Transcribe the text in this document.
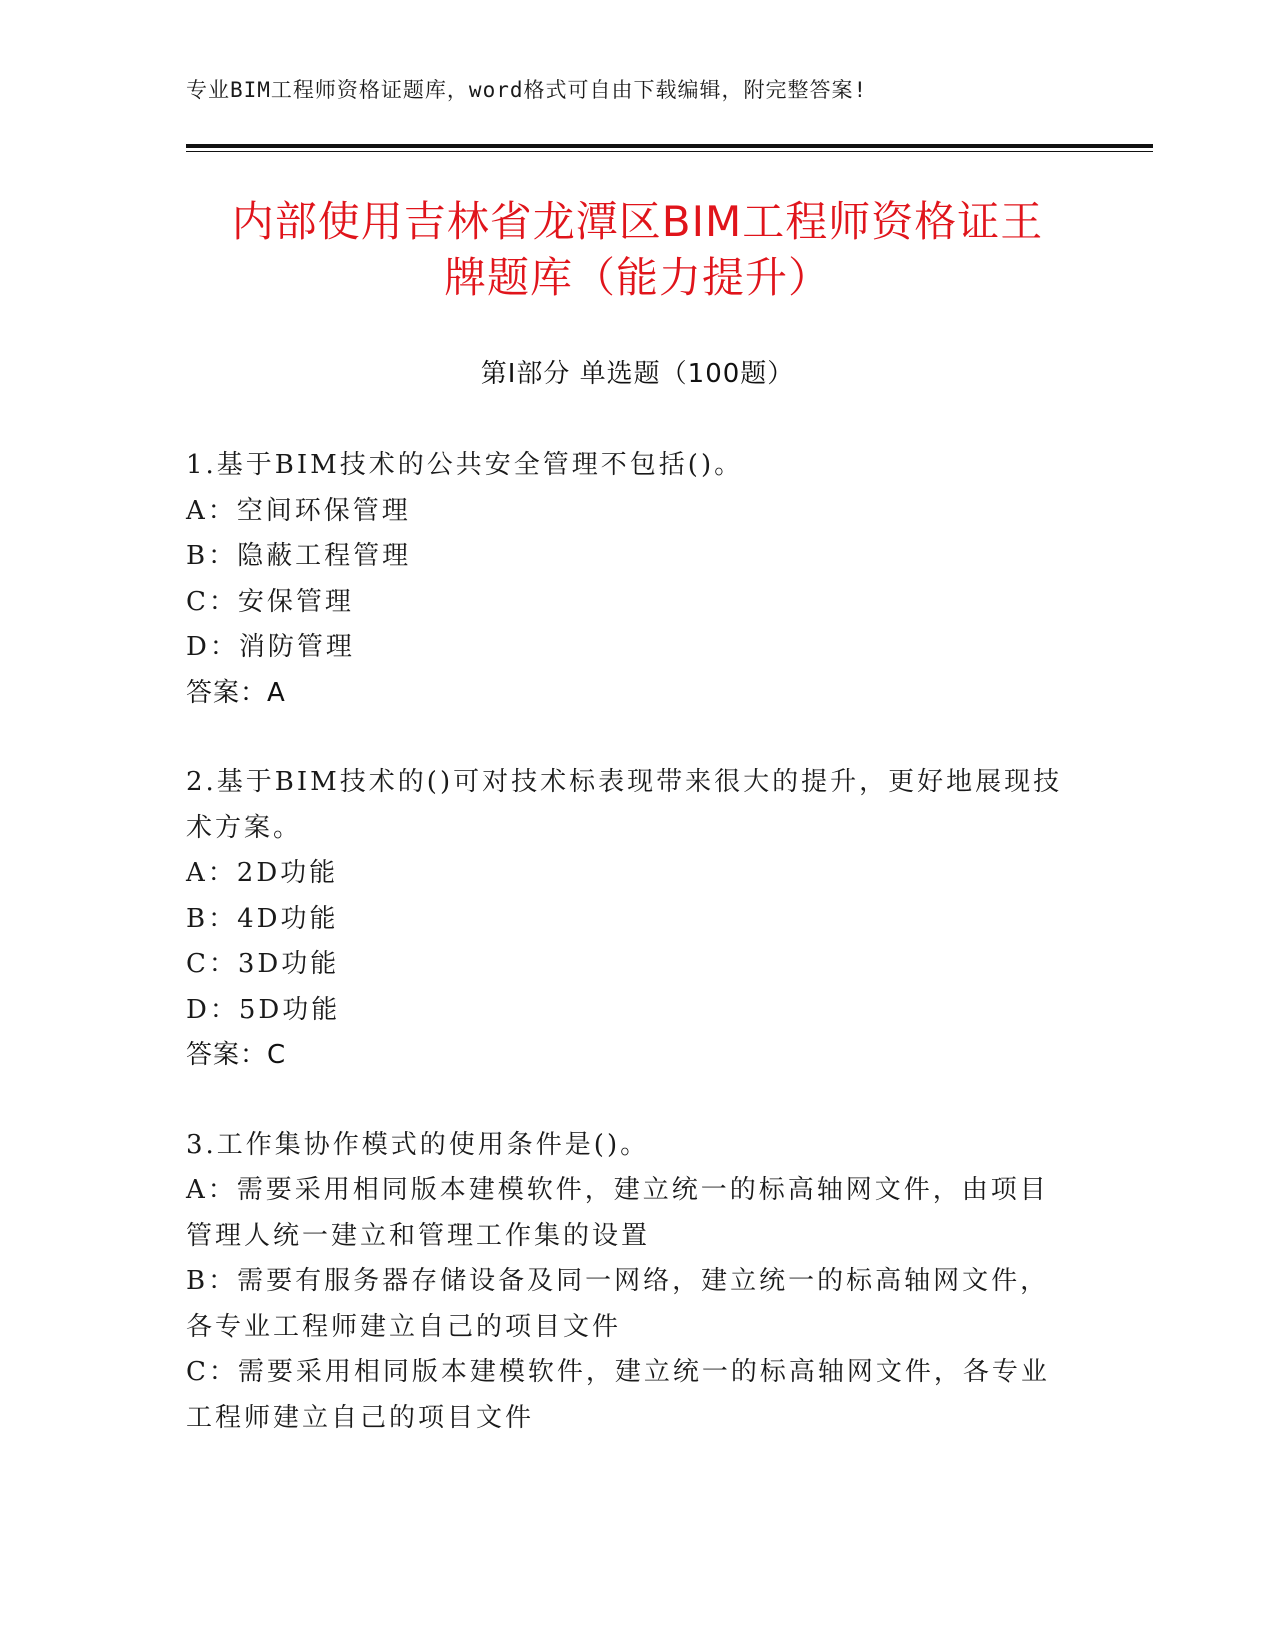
专业BIM工程师资格证题库，word格式可自由下载编辑，附完整答案!
内部使用吉林省龙潭区BIM工程师资格证王
牌题库（能力提升）
第Ⅰ部分 单选题（100题）
1.基于BIM技术的公共安全管理不包括()。
A：空间环保管理
B：隐蔽工程管理
C：安保管理
D：消防管理
答案：A
2.基于BIM技术的()可对技术标表现带来很大的提升，更好地展现技术方案。
A：2D功能
B：4D功能
C：3D功能
D：5D功能
答案：C
3.工作集协作模式的使用条件是()。
A：需要采用相同版本建模软件，建立统一的标高轴网文件，由项目管理人统一建立和管理工作集的设置
B：需要有服务器存储设备及同一网络，建立统一的标高轴网文件，各专业工程师建立自己的项目文件
C：需要采用相同版本建模软件，建立统一的标高轴网文件，各专业工程师建立自己的项目文件
